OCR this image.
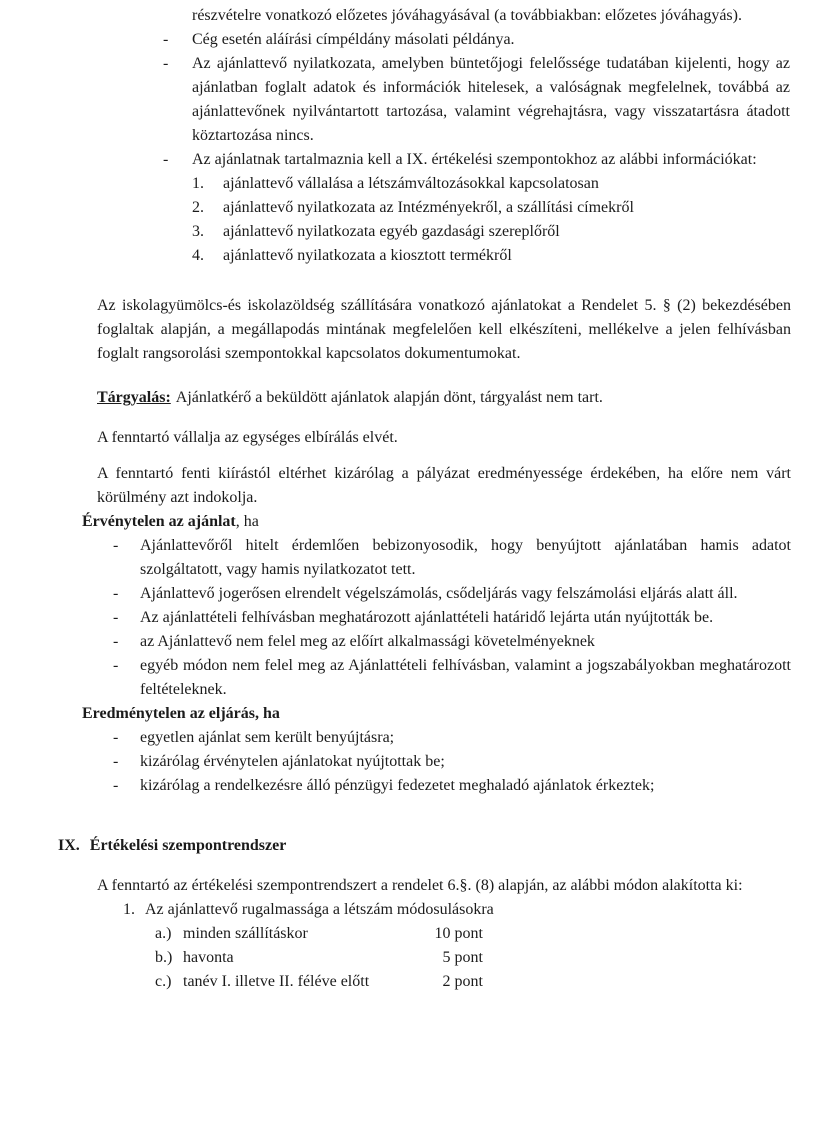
részvételre vonatkozó előzetes jóváhagyásával (a továbbiakban: előzetes jóváhagyás).
- Cég esetén aláírási címpéldány másolati példánya.
- Az ajánlattevő nyilatkozata, amelyben büntetőjogi felelőssége tudatában kijelenti, hogy az ajánlatban foglalt adatok és információk hitelesek, a valóságnak megfelelnek, továbbá az ajánlattevőnek nyilvántartott tartozása, valamint végrehajtásra, vagy visszatartásra átadott köztartozása nincs.
- Az ajánlatnak tartalmaznia kell a IX. értékelési szempontokhoz az alábbi információkat:
1. ajánlattevő vállalása a létszámváltozásokkal kapcsolatosan
2. ajánlattevő nyilatkozata az Intézményekről, a szállítási címekről
3. ajánlattevő nyilatkozata egyéb gazdasági szereplőről
4. ajánlattevő nyilatkozata a kiosztott termékről
Az iskolagyümölcs-és iskolazöldség szállítására vonatkozó ajánlatokat a Rendelet 5. § (2) bekezdésében foglaltak alapján, a megállapodás mintának megfelelően kell elkészíteni, mellékelve a jelen felhívásban foglalt rangsorolási szempontokkal kapcsolatos dokumentumokat.
Tárgyalás: Ajánlatkérő a beküldött ajánlatok alapján dönt, tárgyalást nem tart.
A fenntartó vállalja az egységes elbírálás elvét.
A fenntartó fenti kiírástól eltérhet kizárólag a pályázat eredményessége érdekében, ha előre nem várt körülmény azt indokolja.
Érvénytelen az ajánlat, ha
- Ajánlattevőről hitelt érdemlően bebizonyosodik, hogy benyújtott ajánlatában hamis adatot szolgáltatott, vagy hamis nyilatkozatot tett.
- Ajánlattevő jogerősen elrendelt végelszámolás, csődeljárás vagy felszámolási eljárás alatt áll.
- Az ajánlattételi felhívásban meghatározott ajánlattételi határidő lejárta után nyújtották be.
- az Ajánlattevő nem felel meg az előírt alkalmassági követelményeknek
- egyéb módon nem felel meg az Ajánlattételi felhívásban, valamint a jogszabályokban meghatározott feltételeknek.
Eredménytelen az eljárás, ha
- egyetlen ajánlat sem került benyújtásra;
- kizárólag érvénytelen ajánlatokat nyújtottak be;
- kizárólag a rendelkezésre álló pénzügyi fedezetet meghaladó ajánlatok érkeztek;
IX. Értékelési szempontrendszer
A fenntartó az értékelési szempontrendszert a rendelet 6.§. (8) alapján, az alábbi módon alakította ki:
1. Az ajánlattevő rugalmassága a létszám módosulásokra
a.) minden szállításkor	10 pont
b.) havonta	5 pont
c.) tanév I. illetve II. féléve előtt	2 pont
